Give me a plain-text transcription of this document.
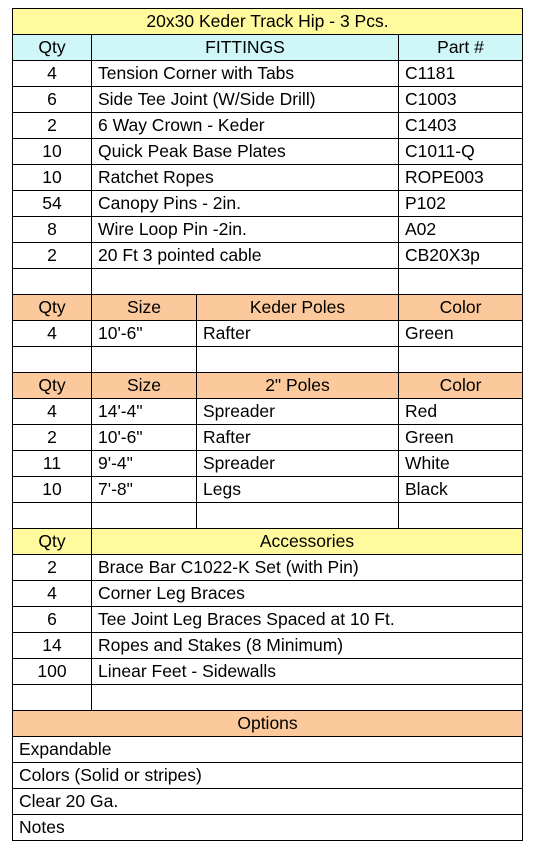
20x30 Keder Track Hip - 3 Pcs.			
Qty	FITTINGS		Part #
4	Tension Corner with Tabs		C1181
6	Side Tee Joint (W/Side Drill)		C1003
2	6 Way Crown - Keder		C1403
10	Quick Peak Base Plates		C1011-Q
10	Ratchet Ropes		ROPE003
54	Canopy Pins - 2in.		P102
8	Wire Loop Pin -2in.		A02
2	20 Ft 3 pointed cable		CB20X3p

Qty	Size	Keder Poles	Color
4	10'-6"	Rafter	Green

Qty	Size	2" Poles	Color
4	14'-4"	Spreader	Red
2	10'-6"	Rafter	Green
11	9'-4"	Spreader	White
10	7'-8"	Legs	Black

Qty	Accessories		
2	Brace Bar C1022-K Set (with Pin)		
4	Corner Leg Braces		
6	Tee Joint Leg Braces Spaced at 10 Ft.		
14	Ropes and Stakes (8 Minimum)		
100	Linear Feet - Sidewalls		

Options			
Expandable			
Colors (Solid or stripes)			
Clear 20 Ga.			
Notes			
